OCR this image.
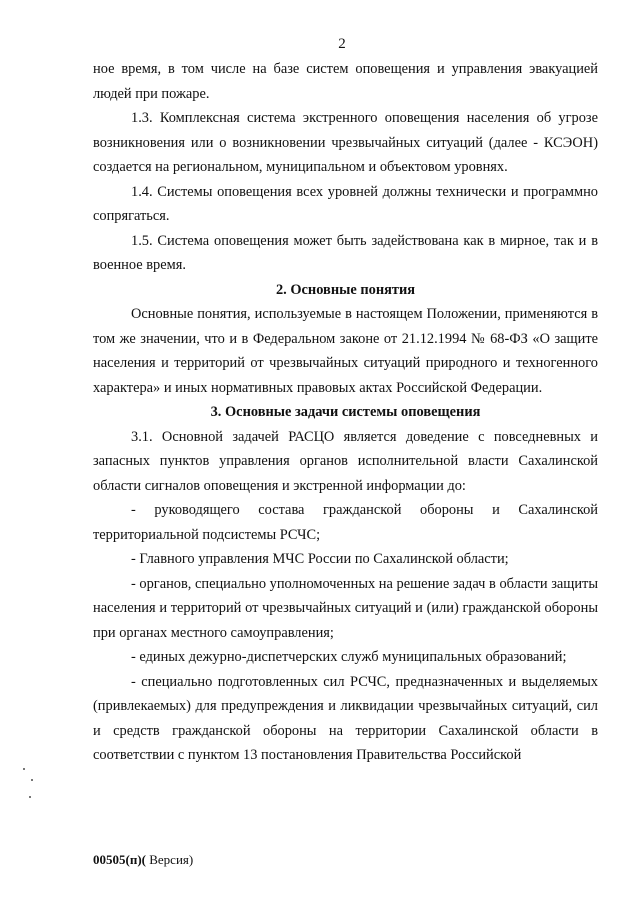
2

ное время, в том числе на базе систем оповещения и управления эвакуацией людей при пожаре.

1.3. Комплексная система экстренного оповещения населения об угрозе возникновения или о возникновении чрезвычайных ситуаций (далее - КСЭОН) создается на региональном, муниципальном и объектовом уровнях.

1.4. Системы оповещения всех уровней должны технически и программно сопрягаться.

1.5. Система оповещения может быть задействована как в мирное, так и в военное время.

2. Основные понятия

Основные понятия, используемые в настоящем Положении, применяются в том же значении, что и в Федеральном законе от 21.12.1994 № 68-ФЗ «О защите населения и территорий от чрезвычайных ситуаций природного и техногенного характера» и иных нормативных правовых актах Российской Федерации.

3. Основные задачи системы оповещения

3.1. Основной задачей РАСЦО является доведение с повседневных и запасных пунктов управления органов исполнительной власти Сахалинской области сигналов оповещения и экстренной информации до:

- руководящего состава гражданской обороны и Сахалинской территориальной подсистемы РСЧС;

- Главного управления МЧС России по Сахалинской области;

- органов, специально уполномоченных на решение задач в области защиты населения и территорий от чрезвычайных ситуаций и (или) гражданской обороны при органах местного самоуправления;

- единых дежурно-диспетчерских служб муниципальных образований;

- специально подготовленных сил РСЧС, предназначенных и выделяемых (привлекаемых) для предупреждения и ликвидации чрезвычайных ситуаций, сил и средств гражданской обороны на территории Сахалинской области в соответствии с пунктом 13 постановления Правительства Российской

00505(п)( Версия)
